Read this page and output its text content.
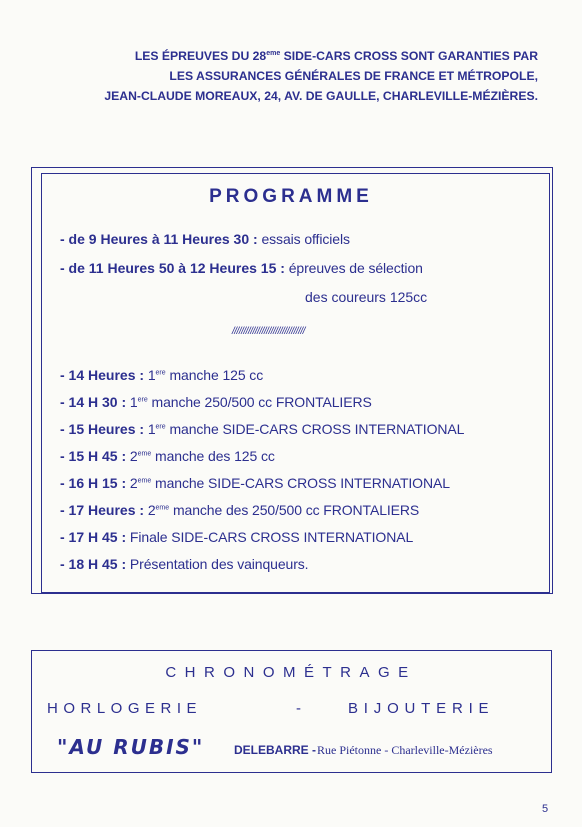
LES ÉPREUVES DU 28eme SIDE-CARS CROSS SONT GARANTIES PAR
LES ASSURANCES GÉNÉRALES DE FRANCE ET MÉTROPOLE,
JEAN-CLAUDE MOREAUX, 24, AV. DE GAULLE, CHARLEVILLE-MÉZIÈRES.
PROGRAMME
- de 9 Heures à 11 Heures 30 : essais officiels
- de 11 Heures 50 à 12 Heures 15 : épreuves de sélection
des coureurs 125cc
////////////////////////////////
- 14 Heures : 1ere manche 125 cc
- 14 H 30 : 1ere manche 250/500 cc FRONTALIERS
- 15 Heures : 1ere manche SIDE-CARS CROSS INTERNATIONAL
- 15 H 45 : 2eme manche des 125 cc
- 16 H 15 : 2eme manche SIDE-CARS CROSS INTERNATIONAL
- 17 Heures : 2eme manche des 250/500 cc FRONTALIERS
- 17 H 45 : Finale SIDE-CARS CROSS INTERNATIONAL
- 18 H 45 : Présentation des vainqueurs.
CHRONOMÉTRAGE
HORLOGERIE	-	BIJOUTERIE
"AU RUBIS" DELEBARRE - Rue Piétonne - Charleville-Mézières
5
